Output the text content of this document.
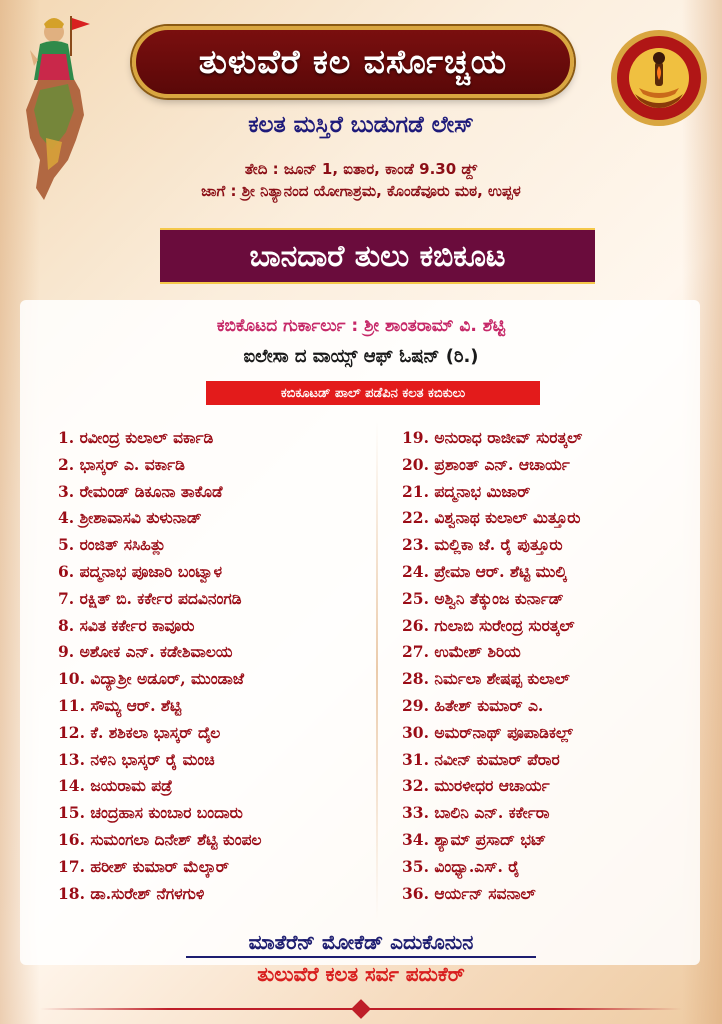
ತುಳುವೆರೆ ಕಲ ವರ್ಸೊಚ್ಚಯ
ಕಲತ ಮಸ್ತಿರೆ ಬುಡುಗಡೆ ಲೇಸ್
ತೇದಿ : ಜೂನ್ 1, ಐತಾರ, ಕಾಂಡೆ 9.30 ಡ್ದ್
ಜಾಗೆ : ಶ್ರೀ ನಿತ್ಯಾನಂದ ಯೋಗಾಶ್ರಮ, ಕೊಂಡೆವೂರು ಮಠ, ಉಪ್ಪಳ
ಬಾನದಾರೆ ತುಲು ಕಬಿಕೂಟ
ಕಬಿಕೊಟದ ಗುರ್ಕಾರ್ಲು : ಶ್ರೀ ಶಾಂತರಾಮ್ ವಿ. ಶೆಟ್ಟಿ
ಐಲೇಸಾ ದ ವಾಯ್ಸ್ ಆಫ್ ಓಷನ್ (ರಿ.)
ಕಬಿಕೂಟಡ್ ಪಾಲ್ ಪಡೆಪಿನ ಕಲತ ಕಬಿಕುಲು
1. ರವೀಂದ್ರ ಕುಲಾಲ್ ವರ್ಕಾಡಿ
2. ಭಾಸ್ಕರ್ ಎ. ವರ್ಕಾಡಿ
3. ರೇಮಂಡ್ ಡಿಕೂನಾ ತಾಕೊಡೆ
4. ಶ್ರೀಶಾವಾಸವಿ ತುಳುನಾಡ್
5. ರಂಜಿತ್ ಸಸಿಹಿತ್ಲು
6. ಪದ್ಮನಾಭ ಪೂಜಾರಿ ಬಂಟ್ವಾಳ
7. ರಕ್ಷಿತ್ ಬಿ. ಕರ್ಕೇರ ಪದವಿನಂಗಡಿ
8. ಸವಿತ ಕರ್ಕೇರ ಕಾವೂರು
9. ಅಶೋಕ ಎನ್. ಕಡೇಶಿವಾಲಯ
10. ವಿದ್ಯಾಶ್ರೀ ಅಡೂರ್, ಮುಂಡಾಜೆ
11. ಸೌಮ್ಯ ಆರ್. ಶೆಟ್ಟಿ
12. ಕೆ. ಶಶಿಕಲಾ ಭಾಸ್ಕರ್ ದೈಲ
13. ನಳಿನಿ ಭಾಸ್ಕರ್ ರೈ ಮಂಚಿ
14. ಜಯರಾಮ ಪಡ್ರೆ
15. ಚಂದ್ರಹಾಸ ಕುಂಬಾರ ಬಂದಾರು
16. ಸುಮಂಗಲಾ ದಿನೇಶ್ ಶೆಟ್ಟಿ ಕುಂಪಲ
17. ಹರೀಶ್ ಕುಮಾರ್ ಮೆಲ್ಕಾರ್
18. ಡಾ.ಸುರೇಶ್ ನೆಗಳಗುಳಿ
19. ಅನುರಾಧ ರಾಜೀವ್ ಸುರತ್ಕಲ್
20. ಪ್ರಶಾಂತ್ ಎನ್. ಆಚಾರ್ಯ
21. ಪದ್ಮನಾಭ ಮಿಜಾರ್
22. ವಿಶ್ವನಾಥ ಕುಲಾಲ್ ಮಿತ್ತೂರು
23. ಮಲ್ಲಿಕಾ ಜೆ. ರೈ ಪುತ್ತೂರು
24. ಪ್ರೇಮಾ ಆರ್. ಶೆಟ್ಟಿ ಮುಲ್ಕಿ
25. ಅಶ್ವಿನಿ ತೆಕ್ಕುಂಜ ಕುರ್ನಾಡ್
26. ಗುಲಾಬಿ ಸುರೇಂದ್ರ ಸುರತ್ಕಲ್
27. ಉಮೇಶ್ ಶಿರಿಯ
28. ನಿರ್ಮಲಾ ಶೇಷಪ್ಪ ಕುಲಾಲ್
29. ಹಿತೇಶ್ ಕುಮಾರ್ ಎ.
30. ಅಮರ್‌ನಾಥ್ ಪೂಪಾಡಿಕಲ್ಲ್
31. ನವೀನ್ ಕುಮಾರ್ ಪೆರಾರ
32. ಮುರಳೀಧರ ಆಚಾರ್ಯ
33. ಬಾಲಿನಿ ಎನ್. ಕರ್ಕೇರಾ
34. ಶ್ಯಾಮ್ ಪ್ರಸಾದ್ ಭಟ್
35. ವಿಂಧ್ಯಾ.ಎಸ್. ರೈ
36. ಆರ್ಯನ್ ಸವನಾಲ್
ಮಾತೆರೆನ್ ಮೋಕೆಡ್ ಎದುಕೊನುನ
ತುಲುವೆರೆ ಕಲತ ಸರ್ವ ಪದುಕೆರ್
